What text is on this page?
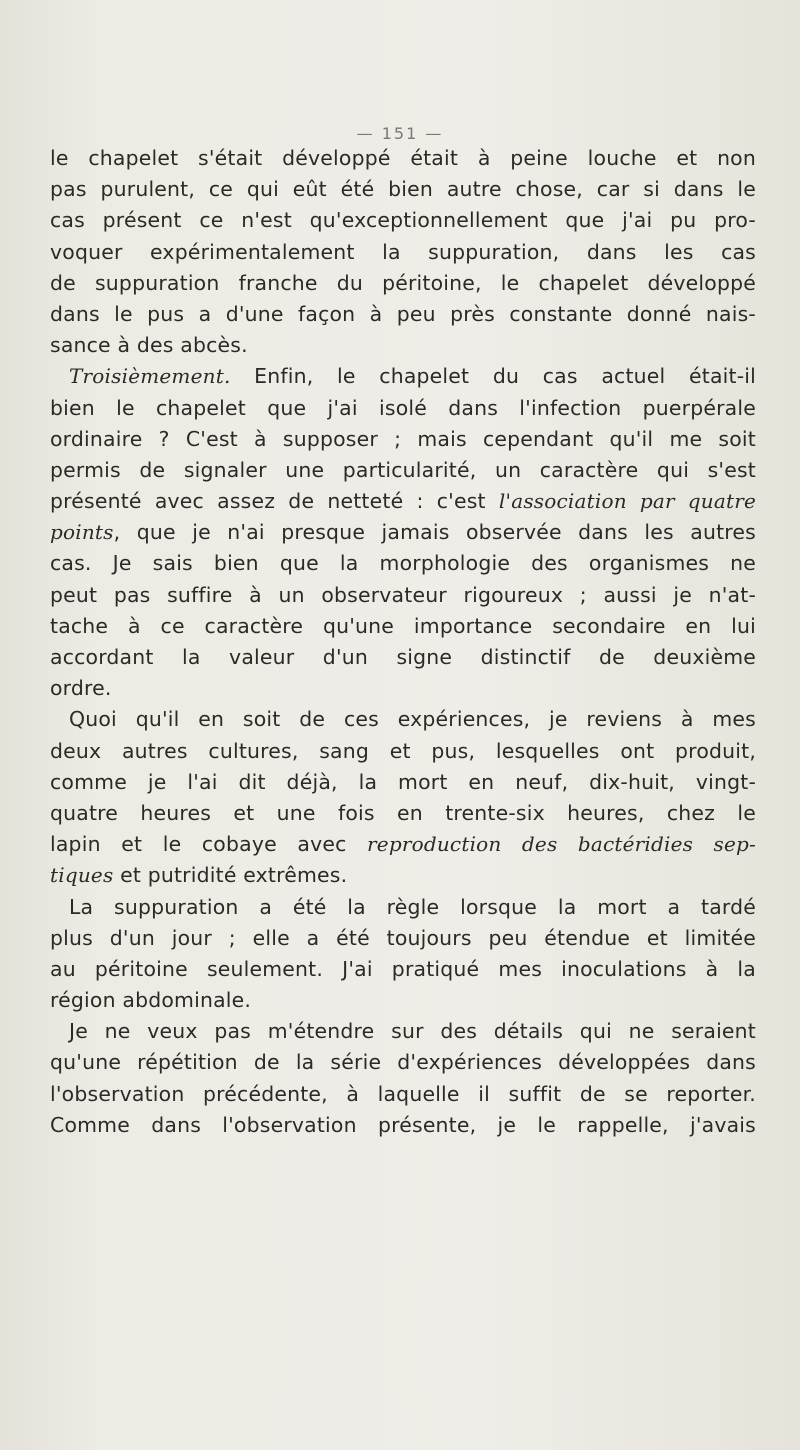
— 151 —
le chapelet s'était développé était à peine louche et non
pas purulent, ce qui eût été bien autre chose, car si dans le
cas présent ce n'est qu'exceptionnellement que j'ai pu pro-
voquer expérimentalement la suppuration, dans les cas
de suppuration franche du péritoine, le chapelet développé
dans le pus a d'une façon à peu près constante donné nais-
sance à des abcès.
Troisièmement. Enfin, le chapelet du cas actuel était-il
bien le chapelet que j'ai isolé dans l'infection puerpérale
ordinaire ? C'est à supposer ; mais cependant qu'il me soit
permis de signaler une particularité, un caractère qui s'est
présenté avec assez de netteté : c'est l'association par quatre
points, que je n'ai presque jamais observée dans les autres
cas. Je sais bien que la morphologie des organismes ne
peut pas suffire à un observateur rigoureux ; aussi je n'at-
tache à ce caractère qu'une importance secondaire en lui
accordant la valeur d'un signe distinctif de deuxième
ordre.
Quoi qu'il en soit de ces expériences, je reviens à mes
deux autres cultures, sang et pus, lesquelles ont produit,
comme je l'ai dit déjà, la mort en neuf, dix-huit, vingt-
quatre heures et une fois en trente-six heures, chez le
lapin et le cobaye avec reproduction des bactéridies sep-
tiques et putridité extrêmes.
La suppuration a été la règle lorsque la mort a tardé
plus d'un jour ; elle a été toujours peu étendue et limitée
au péritoine seulement. J'ai pratiqué mes inoculations à la
région abdominale.
Je ne veux pas m'étendre sur des détails qui ne seraient
qu'une répétition de la série d'expériences développées dans
l'observation précédente, à laquelle il suffit de se reporter.
Comme dans l'observation présente, je le rappelle, j'avais
